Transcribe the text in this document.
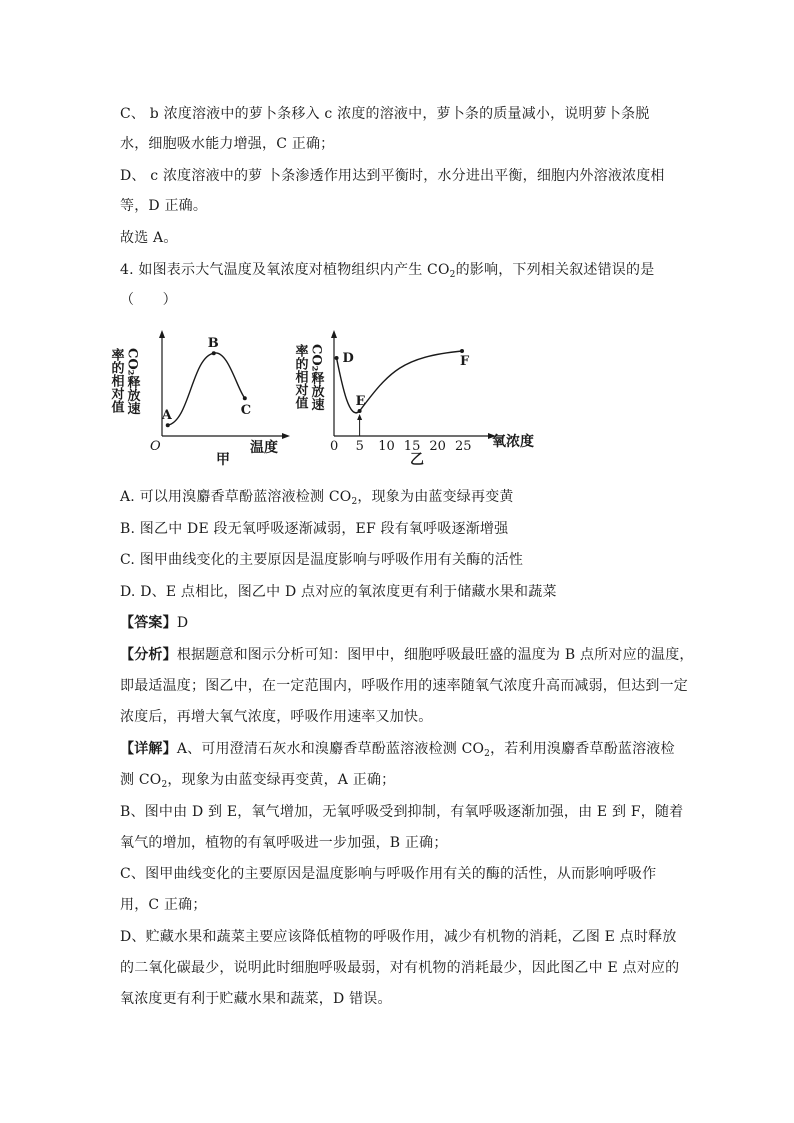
C、 b 浓度溶液中的萝卜条移入 c 浓度的溶液中，萝卜条的质量减小，说明萝卜条脱
水，细胞吸水能力增强，C 正确；
D、 c 浓度溶液中的萝 卜条渗透作用达到平衡时，水分进出平衡，细胞内外溶液浓度相
等，D 正确。
故选 A。
4. 如图表示大气温度及氧浓度对植物组织内产生 $CO_2$的影响，下列相关叙述错误的是
（　　）
CO₂释放速
率的相对值
O	温度
甲
A
B
C
CO₂释放速
率的相对值
0 5 10 15 20 25 氧浓度
乙
D
E
F
A. 可以用溴麝香草酚蓝溶液检测 $CO_2$，现象为由蓝变绿再变黄
B. 图乙中 DE 段无氧呼吸逐渐减弱，EF 段有氧呼吸逐渐增强
C. 图甲曲线变化的主要原因是温度影响与呼吸作用有关酶的活性
D. D、E 点相比，图乙中 D 点对应的氧浓度更有利于储藏水果和蔬菜
【答案】D
【分析】根据题意和图示分析可知：图甲中，细胞呼吸最旺盛的温度为 B 点所对应的温度，
即最适温度；图乙中，在一定范围内，呼吸作用的速率随氧气浓度升高而减弱，但达到一定
浓度后，再增大氧气浓度，呼吸作用速率又加快。
【详解】A、可用澄清石灰水和溴麝香草酚蓝溶液检测 $CO_2$，若利用溴麝香草酚蓝溶液检
测 $CO_2$，现象为由蓝变绿再变黄，A 正确；
B、图中由 D 到 E，氧气增加，无氧呼吸受到抑制，有氧呼吸逐渐加强，由 E 到 F，随着
氧气的增加，植物的有氧呼吸进一步加强，B 正确；
C、图甲曲线变化的主要原因是温度影响与呼吸作用有关的酶的活性，从而影响呼吸作
用，C 正确；
D、贮藏水果和蔬菜主要应该降低植物的呼吸作用，减少有机物的消耗，乙图 E 点时释放
的二氧化碳最少，说明此时细胞呼吸最弱，对有机物的消耗最少，因此图乙中 E 点对应的
氧浓度更有利于贮藏水果和蔬菜，D 错误。
